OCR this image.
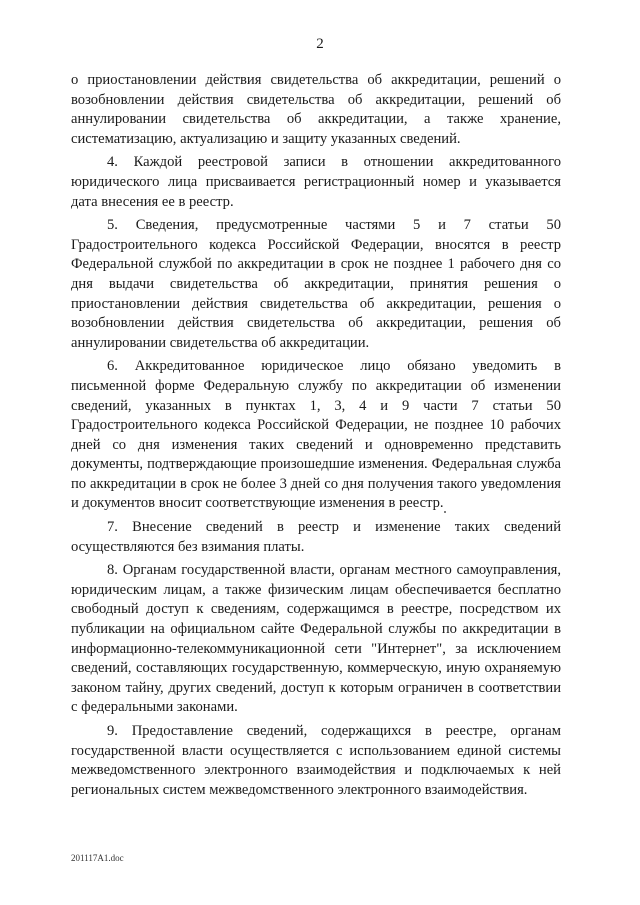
2

о приостановлении действия свидетельства об аккредитации, решений о возобновлении действия свидетельства об аккредитации, решений об аннулировании свидетельства об аккредитации, а также хранение, систематизацию, актуализацию и защиту указанных сведений.

4. Каждой реестровой записи в отношении аккредитованного юридического лица присваивается регистрационный номер и указывается дата внесения ее в реестр.

5. Сведения, предусмотренные частями 5 и 7 статьи 50 Градостроительного кодекса Российской Федерации, вносятся в реестр Федеральной службой по аккредитации в срок не позднее 1 рабочего дня со дня выдачи свидетельства об аккредитации, принятия решения о приостановлении действия свидетельства об аккредитации, решения о возобновлении действия свидетельства об аккредитации, решения об аннулировании свидетельства об аккредитации.

6. Аккредитованное юридическое лицо обязано уведомить в письменной форме Федеральную службу по аккредитации об изменении сведений, указанных в пунктах 1, 3, 4 и 9 части 7 статьи 50 Градостроительного кодекса Российской Федерации, не позднее 10 рабочих дней со дня изменения таких сведений и одновременно представить документы, подтверждающие произошедшие изменения. Федеральная служба по аккредитации в срок не более 3 дней со дня получения такого уведомления и документов вносит соответствующие изменения в реестр.

7. Внесение сведений в реестр и изменение таких сведений осуществляются без взимания платы.

8. Органам государственной власти, органам местного самоуправления, юридическим лицам, а также физическим лицам обеспечивается бесплатно свободный доступ к сведениям, содержащимся в реестре, посредством их публикации на официальном сайте Федеральной службы по аккредитации в информационно-телекоммуникационной сети "Интернет", за исключением сведений, составляющих государственную, коммерческую, иную охраняемую законом тайну, других сведений, доступ к которым ограничен в соответствии с федеральными законами.

9. Предоставление сведений, содержащихся в реестре, органам государственной власти осуществляется с использованием единой системы межведомственного электронного взаимодействия и подключаемых к ней региональных систем межведомственного электронного взаимодействия.

201117A1.doc
